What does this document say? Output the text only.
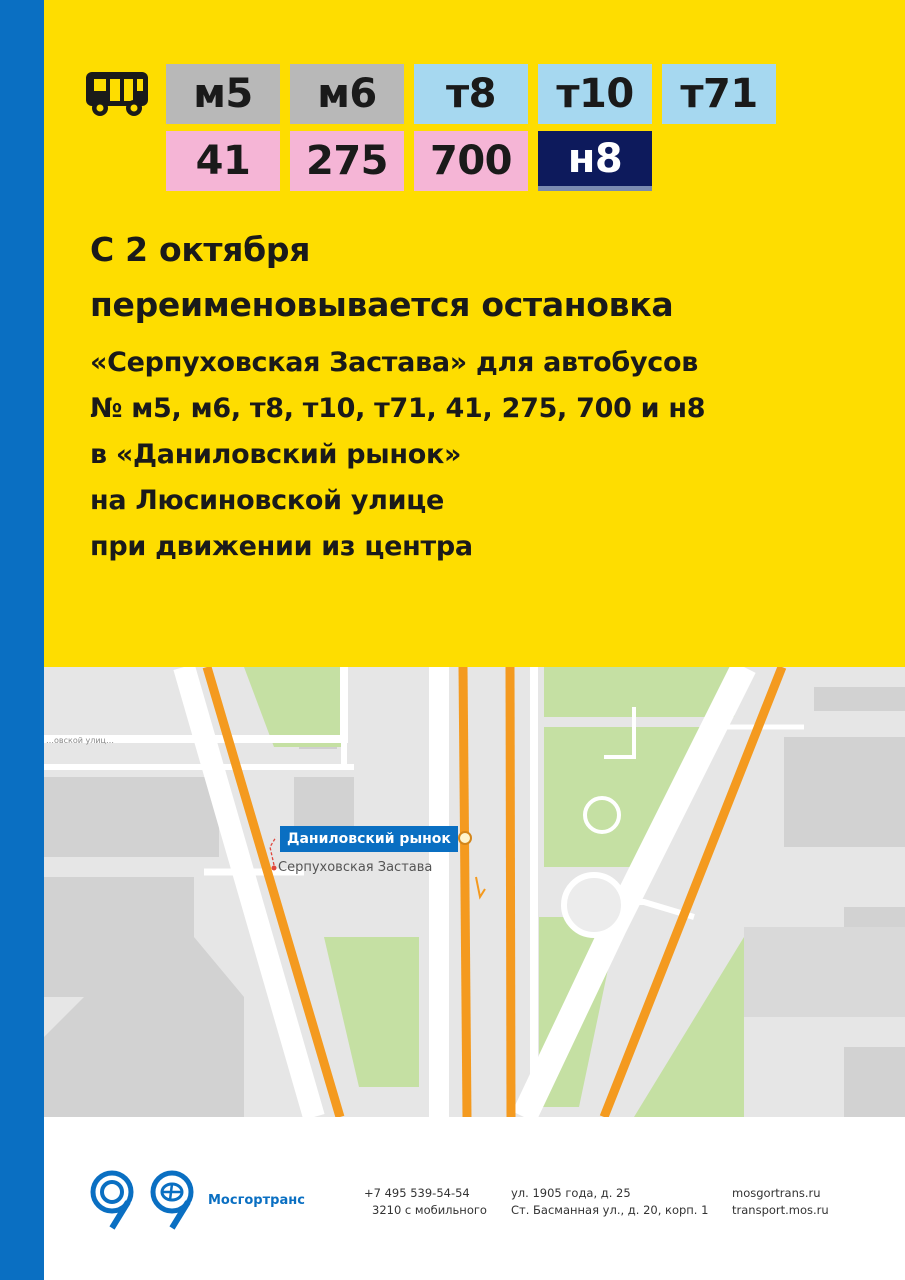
м5	м6	т8	т10	т71
41	275	700	н8
С 2 октября
переименовывается остановка
«Серпуховская Застава» для автобусов
№ м5, м6, т8, т10, т71, 41, 275, 700 и н8
в «Даниловский рынок»
на Люсиновской улице
при движении из центра
…овской улиц…
Даниловский рынок
Серпуховская Застава
Мосгортранс	+7 495 539-54-54
3210 с мобильного
ул. 1905 года, д. 25
Ст. Басманная ул., д. 20, корп. 1
mosgortrans.ru
transport.mos.ru
